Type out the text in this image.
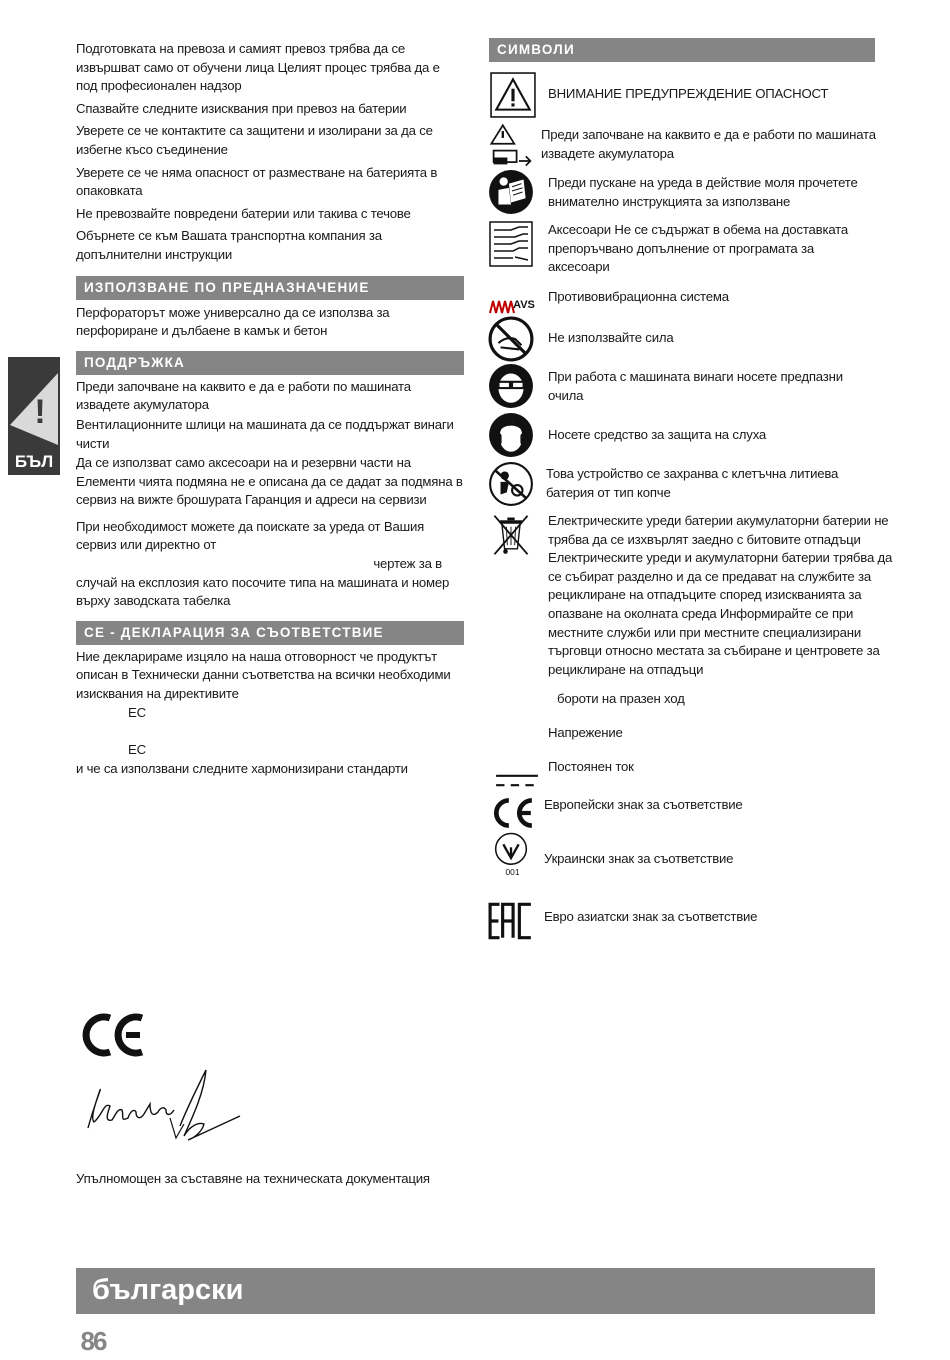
!
БЪЛ

Подготовката на превоза и самият превоз трябва да се извършват само от обучени лица Целият процес трябва да е под професионален надзор

Спазвайте следните изисквания при превоз на батерии

Уверете се че контактите са защитени и изолирани за да се избегне късо съединение

Уверете се че няма опасност от разместване на батерията в опаковката

Не превозвайте повредени батерии или такива с течове

Обърнете се към Вашата транспортна компания за допълнителни инструкции

ИЗПОЛЗВАНЕ ПО ПРЕДНАЗНАЧЕНИЕ

Перфораторът може универсално да се използва за перфориране и дълбаене в камък и бетон

ПОДДРЪЖКА

Преди започване на каквито е да е работи по машината извадете акумулатора

Вентилационните шлици на машината да се поддържат винаги чисти

Да се използват само аксесоари на и резервни части на Елементи чията подмяна не е описана да се дадат за подмяна в сервиз на вижте брошурата Гаранция и адреси на сервизи

При необходимост можете да поискате за уреда от Вашия сервиз или директно от

чертеж за в

случай на експлозия като посочите типа на машината и номер върху заводската табелка

CE - ДЕКЛАРАЦИЯ ЗА СЪОТВЕТСТВИЕ

Ние декларираме изцяло на наша отговорност че продуктът описан в Технически данни съответства на всички необходими изисквания на директивите

ЕС

ЕС

и че са използвани следните хармонизирани стандарти

Упълномощен за съставяне на техническата документация
СИМВОЛИ
ВНИМАНИЕ ПРЕДУПРЕЖДЕНИЕ ОПАСНОСТ
Преди започване на каквито е да е работи по машината извадете акумулатора
Преди пускане на уреда в действие моля прочетете внимателно инструкцията за използване
Аксесоари Не се съдържат в обема на доставката препоръчвано допълнение от програмата за аксесоари
AVS
Противовибрационна система
Не използвайте сила
При работа с машината винаги носете предпазни очила
Носете средство за защита на слуха
Това устройство се захранва с клетъчна литиева батерия от тип копче
Електрическите уреди батерии акумулаторни батерии не трябва да се изхвърлят заедно с битовите отпадъци Електрическите уреди и акумулаторни батерии трябва да се събират разделно и да се предават на службите за рециклиране на отпадъците според изискванията за опазване на околната среда Информирайте се при местните служби или при местните специализирани търговци относно местата за събиране и центровете за рециклиране на отпадъци
бороти на празен ход
Напрежение
Постоянен ток
Европейски знак за съответствие
001
Украински знак за съответствие
Евро азиатски знак за съответствие
български
86
